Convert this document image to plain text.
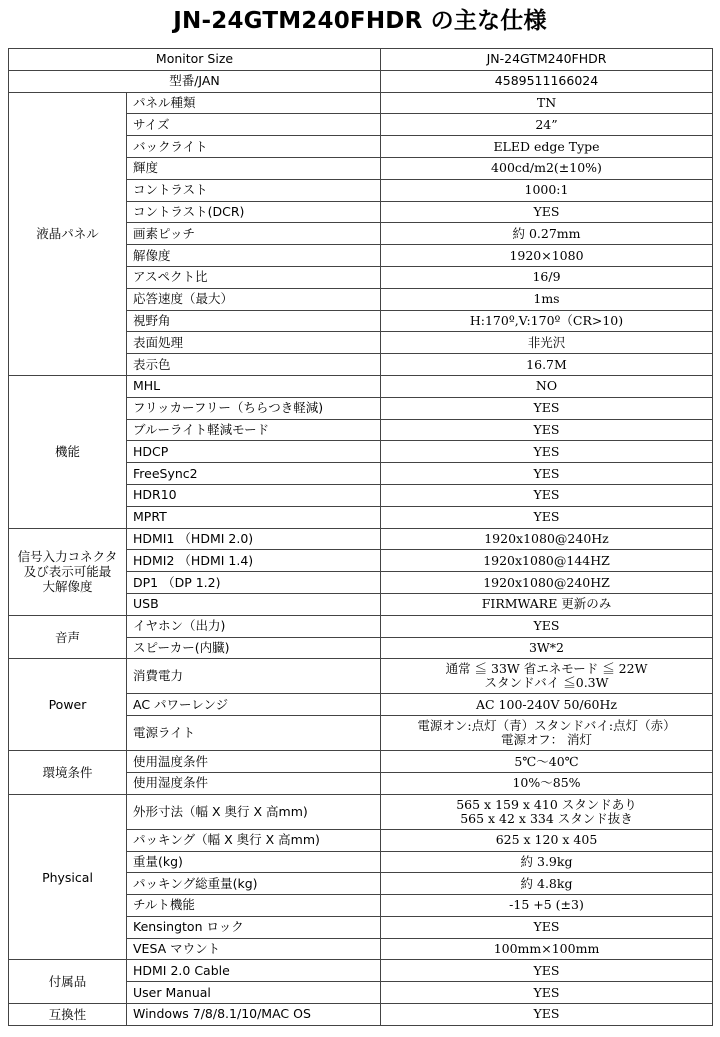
JN-24GTM240FHDR の主な仕様
Monitor Size		JN-24GTM240FHDR
型番/JAN		4589511166024

液晶パネル	パネル種類	TN

	サイズ	24”

	バックライト	ELED edge Type

	輝度	400cd/m2(±10%)

	コントラスト	1000:1

	コントラスト(DCR)	YES

	画素ピッチ	約 0.27mm

	解像度	1920×1080

	アスペクト比	16/9

	応答速度（最大）	1ms

	視野角	H:170º,V:170º（CR>10)

	表面処理	非光沢

	表示色	16.7M

機能	MHL	NO

	フリッカーフリー（ちらつき軽減)	YES

	ブルーライト軽減モード	YES

	HDCP	YES

	FreeSync2	YES

	HDR10	YES

	MPRT	YES

信号入力コネクタ
及び表示可能最
大解像度	HDMI1 （HDMI 2.0)	1920x1080@240Hz

	HDMI2 （HDMI 1.4)	1920x1080@144HZ

	DP1 （DP 1.2)	1920x1080@240HZ

	USB	FIRMWARE 更新のみ

音声	イヤホン（出力)	YES

	スピーカー(内臓)	3W*2

Power	消費電力	通常 ≦ 33W 省エネモード ≦ 22W
スタンドバイ ≦0.3W

	AC パワーレンジ	AC 100-240V 50/60Hz

	電源ライト	電源オン:点灯（青）スタンドバイ:点灯（赤）
電源オフ： 消灯

環境条件	使用温度条件	5℃～40℃

	使用湿度条件	10%～85%

Physical	外形寸法（幅 X 奥行 X 高mm)	565 x 159 x 410 スタンドあり
565 x 42 x 334 スタンド抜き

	パッキング（幅 X 奥行 X 高mm)	625 x 120 x 405

	重量(kg)	約 3.9kg

	パッキング総重量(kg)	約 4.8kg

	チルト機能	-15 +5 (±3)

	Kensington ロック	YES

	VESA マウント	100mm×100mm

付属品	HDMI 2.0 Cable	YES

	User Manual	YES

互換性	Windows 7/8/8.1/10/MAC OS	YES
